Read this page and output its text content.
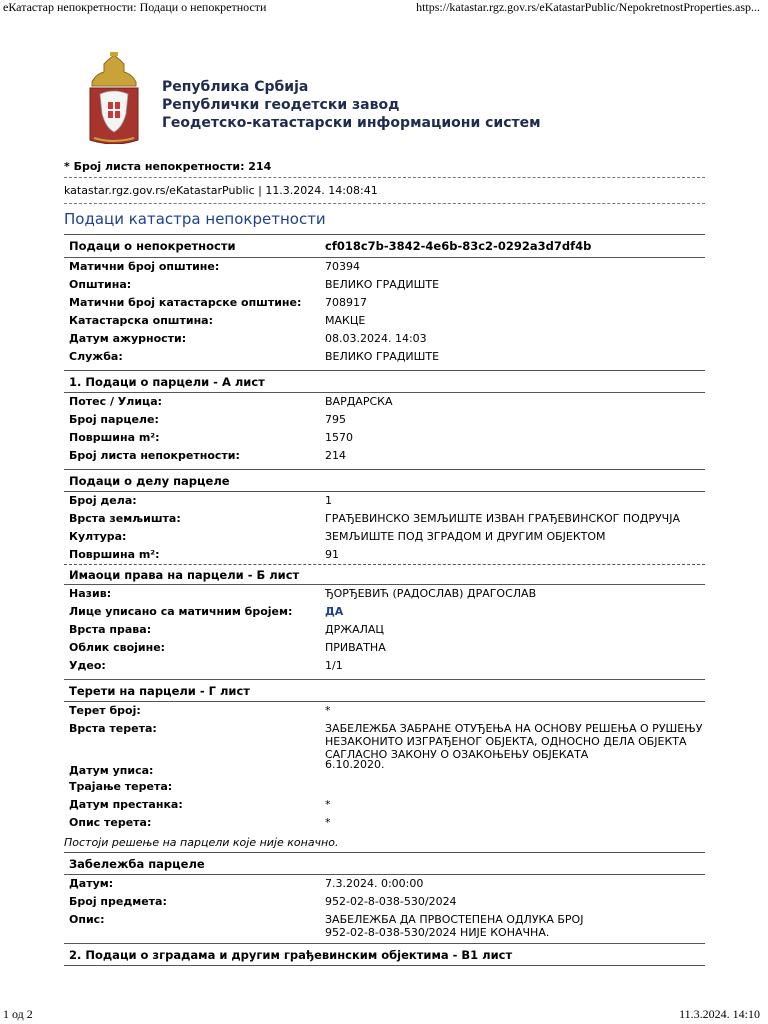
еКатастар непокретности: Подаци о непокретности	https://katastar.rgz.gov.rs/eKatastarPublic/NepokretnostProperties.asp...
Република Србија
Републички геодетски завод
Геодетско-катастарски информациони систем
* Број листа непокретности: 214
katastar.rgz.gov.rs/eKatastarPublic | 11.3.2024. 14:08:41
Подаци катастра непокретности
Подаци о непокретности	cf018c7b-3842-4e6b-83c2-0292a3d7df4b
Матични број општине:	70394
Општина:	ВЕЛИКО ГРАДИШТЕ
Матични број катастарске општине: 708917
Катастарска општина:	МАКЦЕ
Датум ажурности:	08.03.2024. 14:03
Служба:	ВЕЛИКО ГРАДИШТЕ
1. Подаци о парцели - А лист
Потес / Улица:	ВАРДАРСКА
Број парцеле:	795
Површина m²:	1570
Број листа непокретности:	214
Подаци о делу парцеле
Број дела:	1
Врста земљишта:	ГРАЂЕВИНСКО ЗЕМЉИШТЕ ИЗВАН ГРАЂЕВИНСКОГ ПОДРУЧЈА
Култура:	ЗЕМЉИШТЕ ПОД ЗГРАДОМ И ДРУГИМ ОБЈЕКТОМ
Површина m²:	91
Имаоци права на парцели - Б лист
Назив:	ЂОРЂЕВИЋ (РАДОСЛАВ) ДРАГОСЛАВ
Лице уписано са матичним бројем:	ДА
Врста права:	ДРЖАЛАЦ
Облик својине:	ПРИВАТНА
Удео:	1/1
Терети на парцели - Г лист
Терет број:	*
Врста терета:	ЗАБЕЛЕЖБА ЗАБРАНЕ ОТУЂЕЊА НА ОСНОВУ РЕШЕЊА О РУШЕЊУ
НЕЗАКОНИТО ИЗГРАЂЕНОГ ОБЈЕКТА, ОДНОСНО ДЕЛА ОБЈЕКТА
САГЛАСНО ЗАКОНУ О ОЗАКОЊЕЊУ ОБЈЕКАТА
Датум уписа:	6.10.2020.
Трајање терета:
Датум престанка:	*
Опис терета:	*
Постоји решење на парцели које није коначно.
Забележба парцеле
Датум:	7.3.2024. 0:00:00
Број предмета:	952-02-8-038-530/2024
Опис:	ЗАБЕЛЕЖБА ДА ПРВОСТЕПЕНА ОДЛУКА БРОЈ
952-02-8-038-530/2024 НИЈЕ КОНАЧНА.
2. Подаци о зградама и другим грађевинским објектима - В1 лист
1 од 2	11.3.2024. 14:10
